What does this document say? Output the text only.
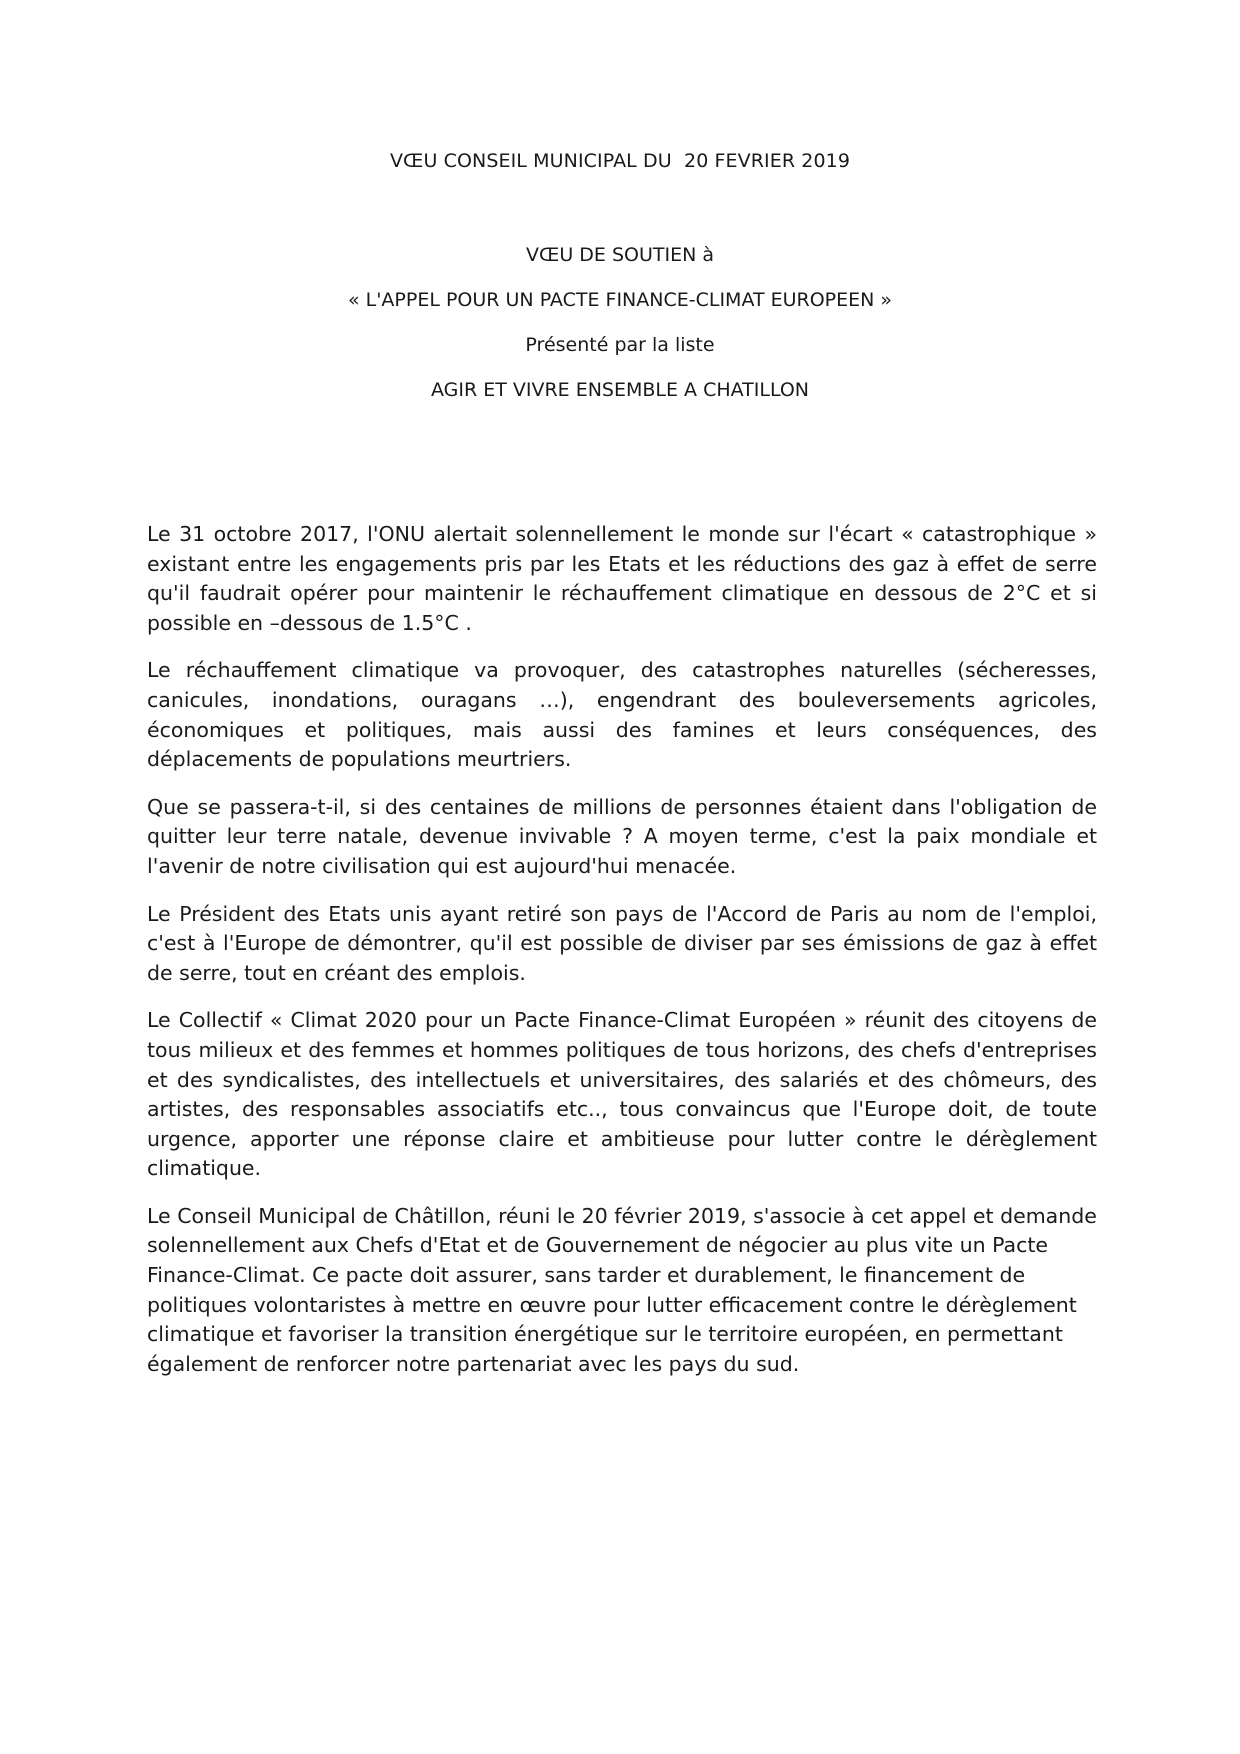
VŒU CONSEIL MUNICIPAL DU  20 FEVRIER 2019
VŒU DE SOUTIEN à
« L'APPEL POUR UN PACTE FINANCE-CLIMAT EUROPEEN »
Présenté par la liste
AGIR ET VIVRE ENSEMBLE A CHATILLON

Le 31 octobre 2017, l'ONU alertait solennellement le monde sur l'écart « catastrophique » existant entre les engagements pris par les Etats et les réductions des gaz à effet de serre qu'il faudrait opérer pour maintenir le réchauffement climatique en dessous de 2°C et si possible en –dessous de 1.5°C .

Le réchauffement climatique va provoquer, des catastrophes naturelles (sécheresses, canicules, inondations, ouragans …), engendrant des bouleversements agricoles, économiques et politiques, mais aussi des famines et leurs conséquences, des déplacements de populations meurtriers.

Que se passera-t-il, si des centaines de millions de personnes étaient dans l'obligation de quitter leur terre natale, devenue invivable ? A moyen terme, c'est la paix mondiale et l'avenir de notre civilisation qui est aujourd'hui menacée.

Le Président des Etats unis ayant retiré son pays de l'Accord de Paris au nom de l'emploi, c'est à l'Europe de démontrer, qu'il est possible de diviser par ses émissions de gaz à effet de serre, tout en créant des emplois.

Le Collectif « Climat 2020 pour un Pacte Finance-Climat Européen » réunit des citoyens de tous milieux et des femmes et hommes politiques de tous horizons, des chefs d'entreprises et des syndicalistes, des intellectuels et universitaires, des salariés et des chômeurs, des artistes, des responsables associatifs etc.., tous convaincus que l'Europe doit, de toute urgence, apporter une réponse claire et ambitieuse pour lutter contre le dérèglement climatique.

Le Conseil Municipal de Châtillon, réuni le 20 février 2019, s'associe à cet appel et demande solennellement aux Chefs d'Etat et de Gouvernement de négocier au plus vite un Pacte Finance-Climat. Ce pacte doit assurer, sans tarder et durablement, le financement de politiques volontaristes à mettre en œuvre pour lutter efficacement contre le dérèglement climatique et favoriser la transition énergétique sur le territoire européen, en permettant également de renforcer notre partenariat avec les pays du sud.
